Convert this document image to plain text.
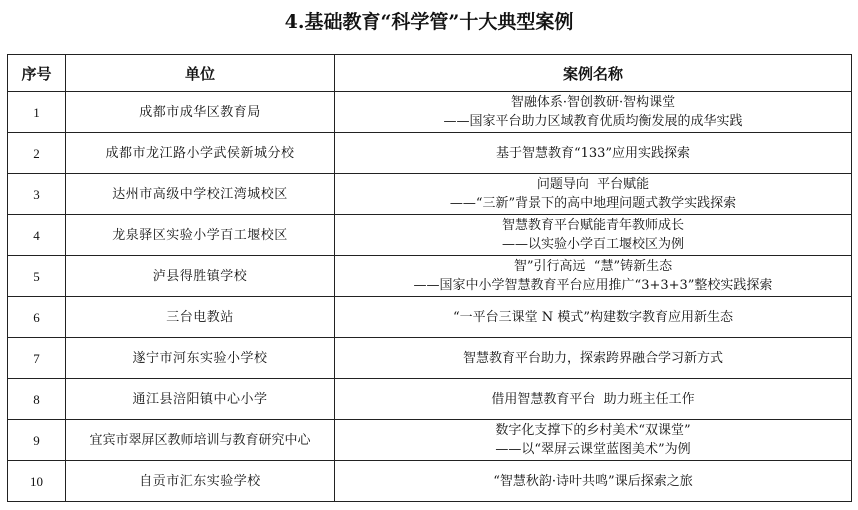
4.基础教育“科学管”十大典型案例
序号	单位	案例名称
1	成都市成华区教育局	智融体系·智创教研·智构课堂
——国家平台助力区域教育优质均衡发展的成华实践

2	成都市龙江路小学武侯新城分校	基于智慧教育“133”应用实践探索

3	达州市高级中学校江湾城校区	问题导向  平台赋能
——“三新”背景下的高中地理问题式教学实践探索

4	龙泉驿区实验小学百工堰校区	智慧教育平台赋能青年教师成长
——以实验小学百工堰校区为例

5	泸县得胜镇学校	智”引行高远  “慧”铸新生态
——国家中小学智慧教育平台应用推广“3+3+3”整校实践探索

6	三台电教站	“一平台三课堂 N 模式”构建数字教育应用新生态

7	遂宁市河东实验小学校	智慧教育平台助力，探索跨界融合学习新方式

8	通江县涪阳镇中心小学	借用智慧教育平台  助力班主任工作

9	宜宾市翠屏区教师培训与教育研究中心	数字化支撑下的乡村美术“双课堂”
——以“翠屏云课堂蓝图美术”为例

10	自贡市汇东实验学校	“智慧秋韵·诗叶共鸣”课后探索之旅
